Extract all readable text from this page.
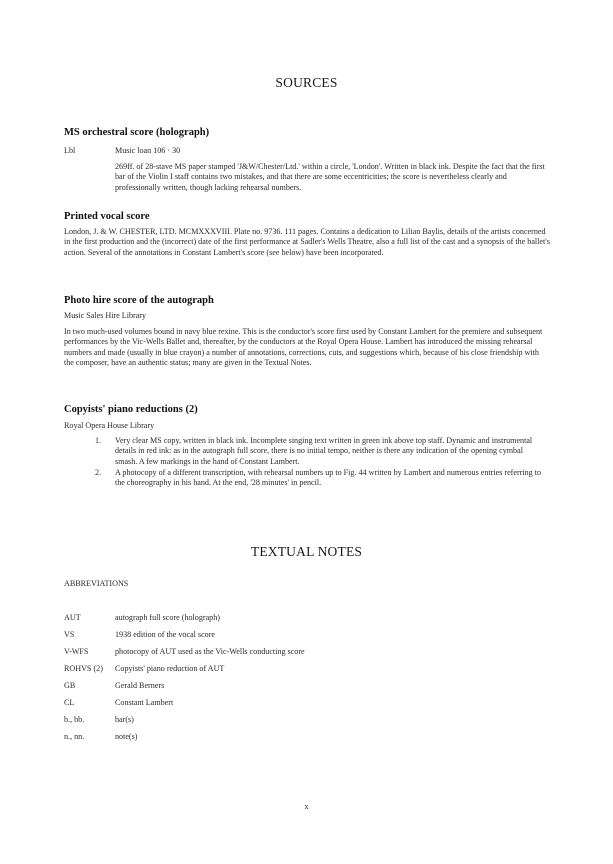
SOURCES
MS orchestral score (holograph)
Lbl	Music loan 106 · 30
269ff. of 28-stave MS paper stamped 'J&W/Chester/Ltd.' within a circle, 'London'. Written in black ink. Despite the fact that the first bar of the Violin I staff contains two mistakes, and that there are some eccentricities; the score is nevertheless clearly and professionally written, though lacking rehearsal numbers.
Printed vocal score
London, J. & W. CHESTER, LTD. MCMXXXVIII. Plate no. 9736. 111 pages. Contains a dedication to Lilian Baylis, details of the artists concerned in the first production and the (incorrect) date of the first performance at Sadler's Wells Theatre, also a full list of the cast and a synopsis of the ballet's action. Several of the annotations in Constant Lambert's score (see below) have been incorporated.
Photo hire score of the autograph
Music Sales Hire Library
In two much-used volumes bound in navy blue rexine. This is the conductor's score first used by Constant Lambert for the premiere and subsequent performances by the Vic-Wells Ballet and, thereafter, by the conductors at the Royal Opera House. Lambert has introduced the missing rehearsal numbers and made (usually in blue crayon) a number of annotations, corrections, cuts, and suggestions which, because of his close friendship with the composer, have an authentic status; many are given in the Textual Notes.
Copyists' piano reductions (2)
Royal Opera House Library
1. Very clear MS copy, written in black ink. Incomplete singing text written in green ink above top staff. Dynamic and instrumental details in red ink: as in the autograph full score, there is no initial tempo, neither is there any indication of the opening cymbal smash. A few markings in the hand of Constant Lambert.
2. A photocopy of a different transcription, with rehearsal numbers up to Fig. 44 written by Lambert and numerous entries referring to the choreography in his hand. At the end, '28 minutes' in pencil.
TEXTUAL NOTES
ABBREVIATIONS
AUT	autograph full score (holograph)
VS	1938 edition of the vocal score
V-WFS	photocopy of AUT used as the Vic-Wells conducting score
ROHVS (2) Copyists' piano reduction of AUT
GB	Gerald Berners
CL	Constant Lambert
b., bb.	bar(s)
n., nn.	note(s)
x
